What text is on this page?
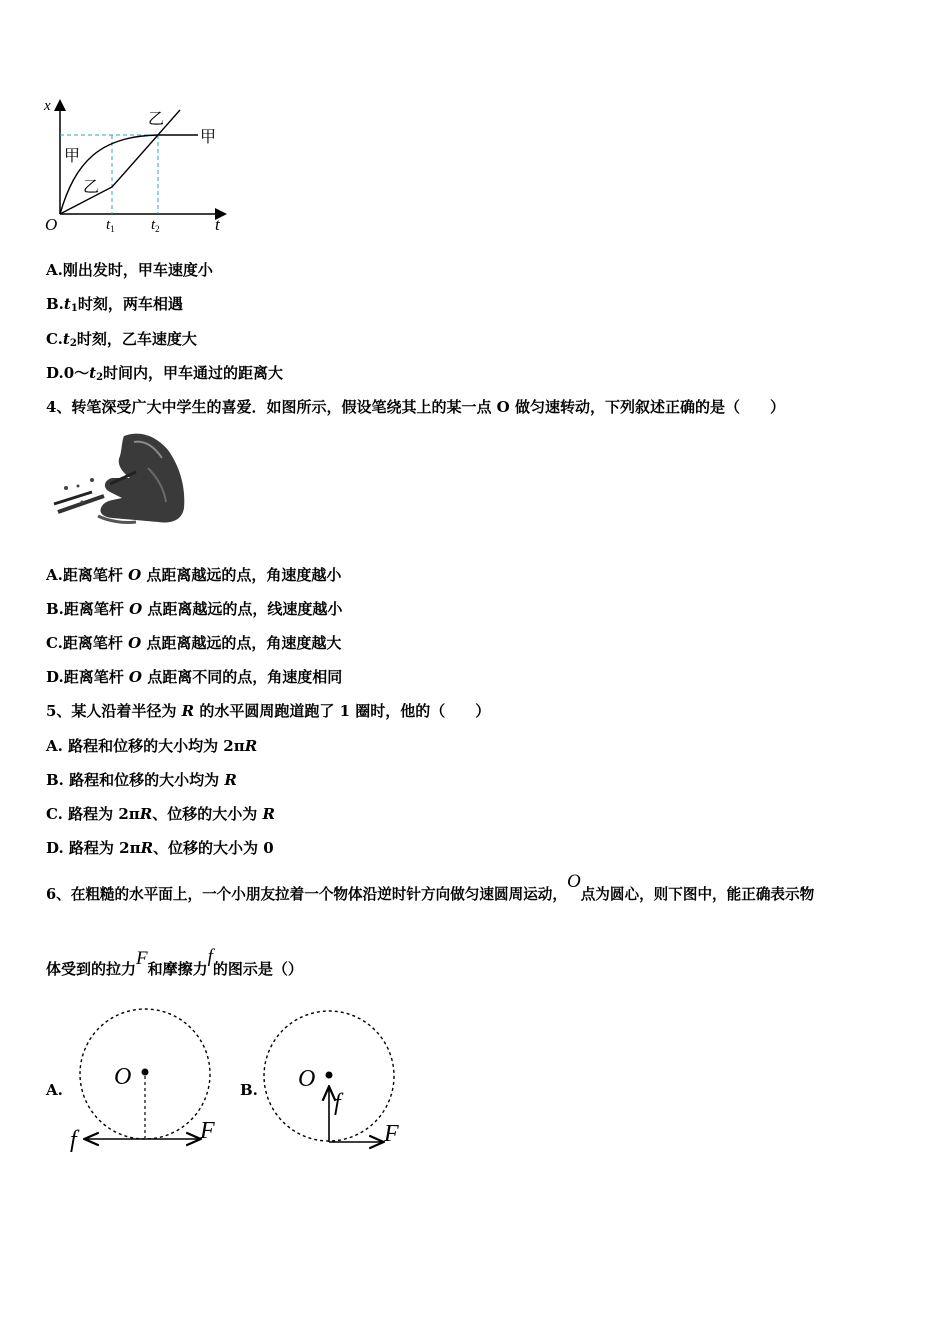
x
t
O	$t_1$ $t_2$
甲
甲
乙
乙
A.刚出发时，甲车速度小
$B.t_1$时刻，两车相遇
$C.t_2$时刻，乙车速度大
$D.0\sim t_2$时间内，甲车通过的距离大
4、转笔深受广大中学生的喜爱．如图所示，假设笔绕其上的某一点 O 做匀速转动，下列叙述正确的是（　　）
A.距离笔杆 O 点距离越远的点，角速度越小
B.距离笔杆 O 点距离越远的点，线速度越小
C.距离笔杆 O 点距离越远的点，角速度越大
D.距离笔杆 O 点距离不同的点，角速度相同
5、某人沿着半径为 R 的水平圆周跑道跑了 1 圈时，他的（　　）
A. 路程和位移的大小均为 2πR
B. 路程和位移的大小均为 R
C. 路程为 2πR、位移的大小为 R
D. 路程为 2πR、位移的大小为 0
6、在粗糙的水平面上，一个小朋友拉着一个物体沿逆时针方向做匀速圆周运动，O点为圆心，则下图中，能正确表示物
体受到的拉力F和摩擦力f的图示是（）
A. O
F
f
B. O
f
F
